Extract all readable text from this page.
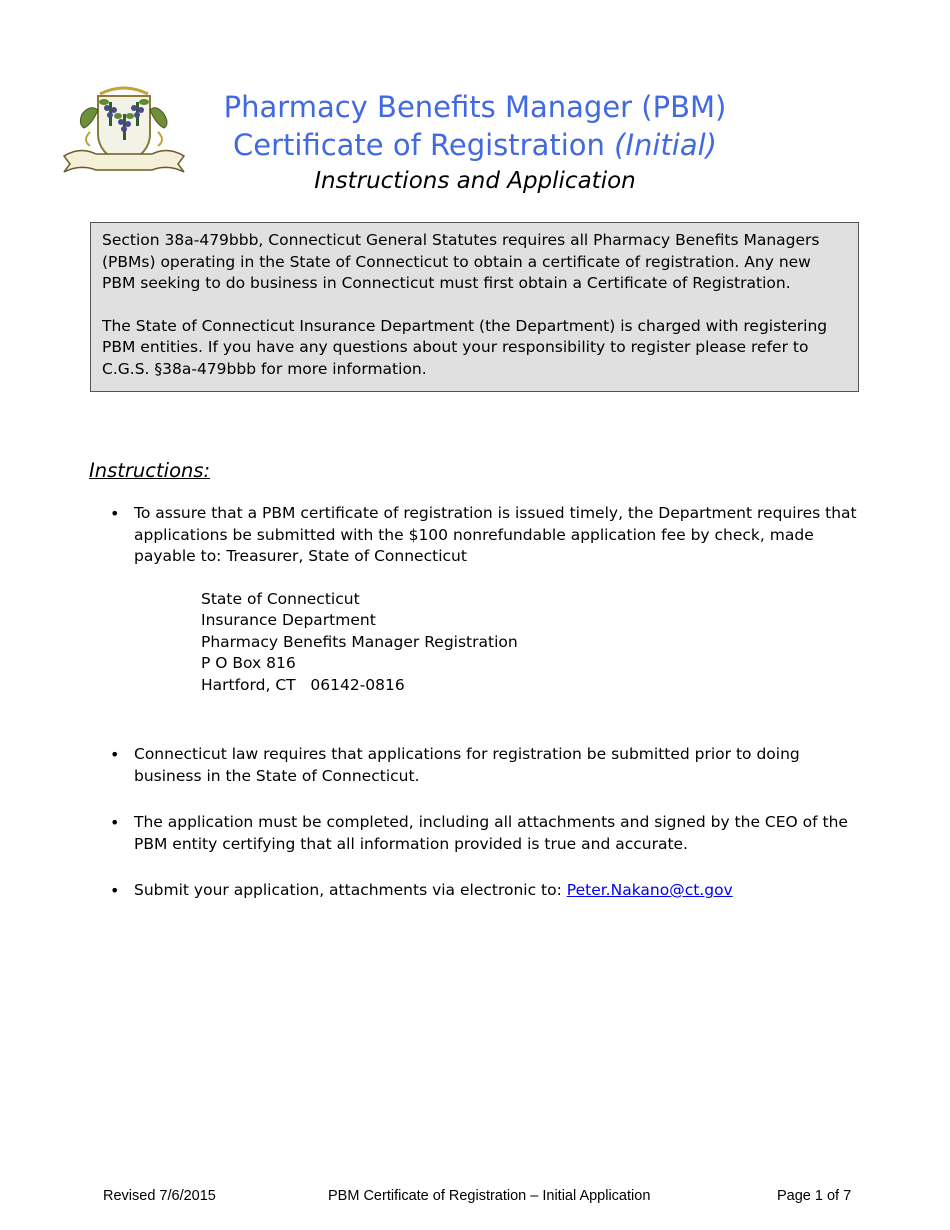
Pharmacy Benefits Manager (PBM)
Certificate of Registration (Initial)
Instructions and Application

Section 38a-479bbb, Connecticut General Statutes requires all Pharmacy Benefits Managers (PBMs) operating in the State of Connecticut to obtain a certificate of registration. Any new PBM seeking to do business in Connecticut must first obtain a Certificate of Registration.

The State of Connecticut Insurance Department (the Department) is charged with registering PBM entities. If you have any questions about your responsibility to register please refer to C.G.S. §38a-479bbb for more information.

Instructions:
• To assure that a PBM certificate of registration is issued timely, the Department requires that applications be submitted with the $100 nonrefundable application fee by check, made payable to: Treasurer, State of Connecticut
State of Connecticut
Insurance Department
Pharmacy Benefits Manager Registration
P O Box 816
Hartford, CT   06142-0816
• Connecticut law requires that applications for registration be submitted prior to doing business in the State of Connecticut.
• The application must be completed, including all attachments and signed by the CEO of the PBM entity certifying that all information provided is true and accurate.
• Submit your application, attachments via electronic to: Peter.Nakano@ct.gov
Revised 7/6/2015	PBM Certificate of Registration – Initial Application	Page 1 of 7
